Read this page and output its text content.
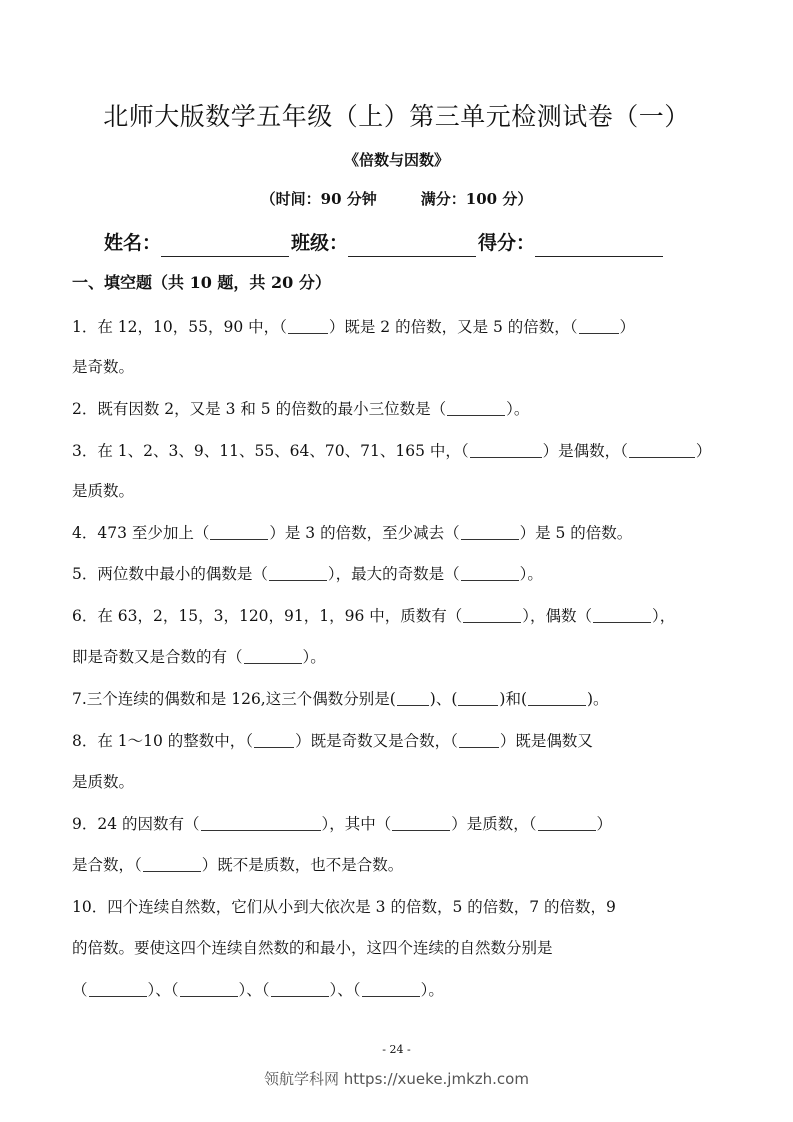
北师大版数学五年级（上）第三单元检测试卷（一）
《倍数与因数》
（时间：90 分钟	满分：100 分）
姓名：	班级：	得分：
一、填空题（共 10 题，共 20 分）
1．在 12，10，55，90 中，（	）既是 2 的倍数，又是 5 的倍数，（	）
是奇数。
2．既有因数 2，又是 3 和 5 的倍数的最小三位数是（	）。
3．在 1、2、3、9、11、55、64、70、71、165 中，（	）是偶数，（	）
是质数。
4．473 至少加上（	）是 3 的倍数，至少减去（	）是 5 的倍数。
5．两位数中最小的偶数是（	），最大的奇数是（	）。
6．在 63，2，15，3，120，91，1，96 中，质数有（	），偶数（	），
即是奇数又是合数的有（	）。
7.三个连续的偶数和是 126,这三个偶数分别是( )、(	)和(	)。
8．在 1～10 的整数中，（	）既是奇数又是合数，（	）既是偶数又
是质数。
9．24 的因数有（	），其中（	）是质数，（	）
是合数，（	）既不是质数，也不是合数。
10．四个连续自然数，它们从小到大依次是 3 的倍数，5 的倍数，7 的倍数，9
的倍数。要使这四个连续自然数的和最小，这四个连续的自然数分别是
（	）、（	）、（	）、（	）。
- 24 -
领航学科网 https://xueke.jmkzh.com
